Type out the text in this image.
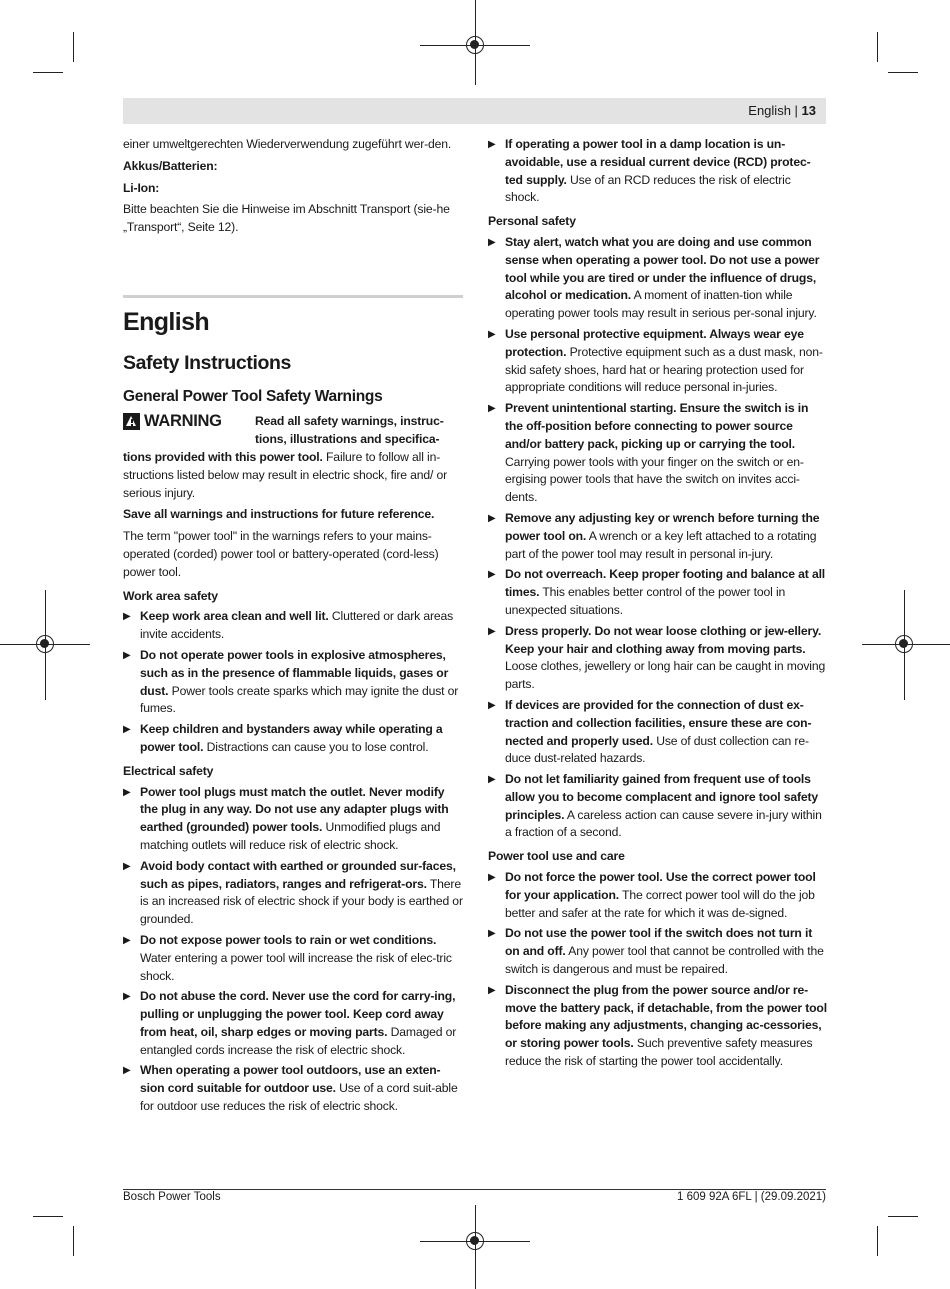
English | 13

einer umweltgerechten Wiederverwendung zugeführt wer-den.

Akkus/Batterien:

Li-Ion:

Bitte beachten Sie die Hinweise im Abschnitt Transport (sie-he „Transport“, Seite 12).

English
Safety Instructions
General Power Tool Safety Warnings
WARNING	Read all safety warnings, instruc-tions, illustrations and specifica-

tions provided with this power tool. Failure to follow all in-structions listed below may result in electric shock, fire and/ or serious injury.

Save all warnings and instructions for future reference.

The term "power tool" in the warnings refers to your mains-operated (corded) power tool or battery-operated (cord-less) power tool.

Work area safety

▶ Keep work area clean and well lit. Cluttered or dark areas invite accidents.
▶ Do not operate power tools in explosive atmospheres, such as in the presence of flammable liquids, gases or dust. Power tools create sparks which may ignite the dust or fumes.
▶ Keep children and bystanders away while operating a power tool. Distractions can cause you to lose control.

Electrical safety

▶ Power tool plugs must match the outlet. Never modify the plug in any way. Do not use any adapter plugs with earthed (grounded) power tools. Unmodified plugs and matching outlets will reduce risk of electric shock.
▶ Avoid body contact with earthed or grounded sur-faces, such as pipes, radiators, ranges and refrigerat-ors. There is an increased risk of electric shock if your body is earthed or grounded.
▶ Do not expose power tools to rain or wet conditions. Water entering a power tool will increase the risk of elec-tric shock.
▶ Do not abuse the cord. Never use the cord for carry-ing, pulling or unplugging the power tool. Keep cord away from heat, oil, sharp edges or moving parts. Damaged or entangled cords increase the risk of electric shock.
▶ When operating a power tool outdoors, use an exten-sion cord suitable for outdoor use. Use of a cord suit-able for outdoor use reduces the risk of electric shock.
▶ If operating a power tool in a damp location is un-avoidable, use a residual current device (RCD) protec-ted supply. Use of an RCD reduces the risk of electric shock.

Personal safety

▶ Stay alert, watch what you are doing and use common sense when operating a power tool. Do not use a power tool while you are tired or under the influence of drugs, alcohol or medication. A moment of inatten-tion while operating power tools may result in serious per-sonal injury.
▶ Use personal protective equipment. Always wear eye protection. Protective equipment such as a dust mask, non-skid safety shoes, hard hat or hearing protection used for appropriate conditions will reduce personal in-juries.
▶ Prevent unintentional starting. Ensure the switch is in the off-position before connecting to power source and/or battery pack, picking up or carrying the tool. Carrying power tools with your finger on the switch or en-ergising power tools that have the switch on invites acci-dents.
▶ Remove any adjusting key or wrench before turning the power tool on. A wrench or a key left attached to a rotating part of the power tool may result in personal in-jury.
▶ Do not overreach. Keep proper footing and balance at all times. This enables better control of the power tool in unexpected situations.
▶ Dress properly. Do not wear loose clothing or jew-ellery. Keep your hair and clothing away from moving parts. Loose clothes, jewellery or long hair can be caught in moving parts.
▶ If devices are provided for the connection of dust ex-traction and collection facilities, ensure these are con-nected and properly used. Use of dust collection can re-duce dust-related hazards.
▶ Do not let familiarity gained from frequent use of tools allow you to become complacent and ignore tool safety principles. A careless action can cause severe in-jury within a fraction of a second.

Power tool use and care

▶ Do not force the power tool. Use the correct power tool for your application. The correct power tool will do the job better and safer at the rate for which it was de-signed.
▶ Do not use the power tool if the switch does not turn it on and off. Any power tool that cannot be controlled with the switch is dangerous and must be repaired.
▶ Disconnect the plug from the power source and/or re-move the battery pack, if detachable, from the power tool before making any adjustments, changing ac-cessories, or storing power tools. Such preventive safety measures reduce the risk of starting the power tool accidentally.
Bosch Power Tools	1 609 92A 6FL | (29.09.2021)
